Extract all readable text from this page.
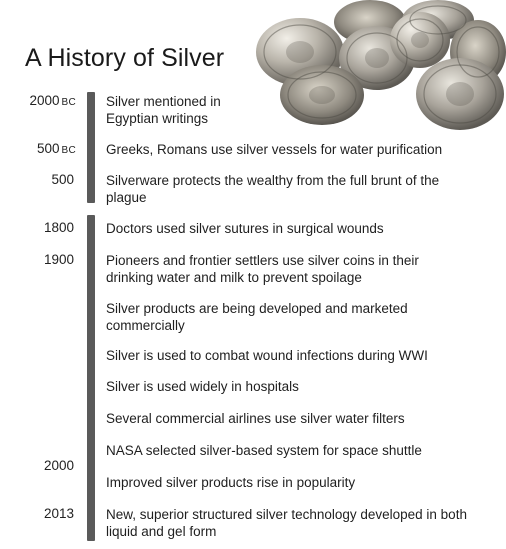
A History of Silver
2000 BC Silver mentioned in Egyptian writings
500 BC Greeks, Romans use silver vessels for water purification
500 Silverware protects the wealthy from the full brunt of the plague
1800 Doctors used silver sutures in surgical wounds
1900 Pioneers and frontier settlers use silver coins in their drinking water and milk to prevent spoilage
Silver products are being developed and marketed commercially
Silver is used to combat wound infections during WWI
Silver is used widely in hospitals
Several commercial airlines use silver water filters
NASA selected silver-based system for space shuttle
2000
Improved silver products rise in popularity
2013 New, superior structured silver technology developed in both liquid and gel form
